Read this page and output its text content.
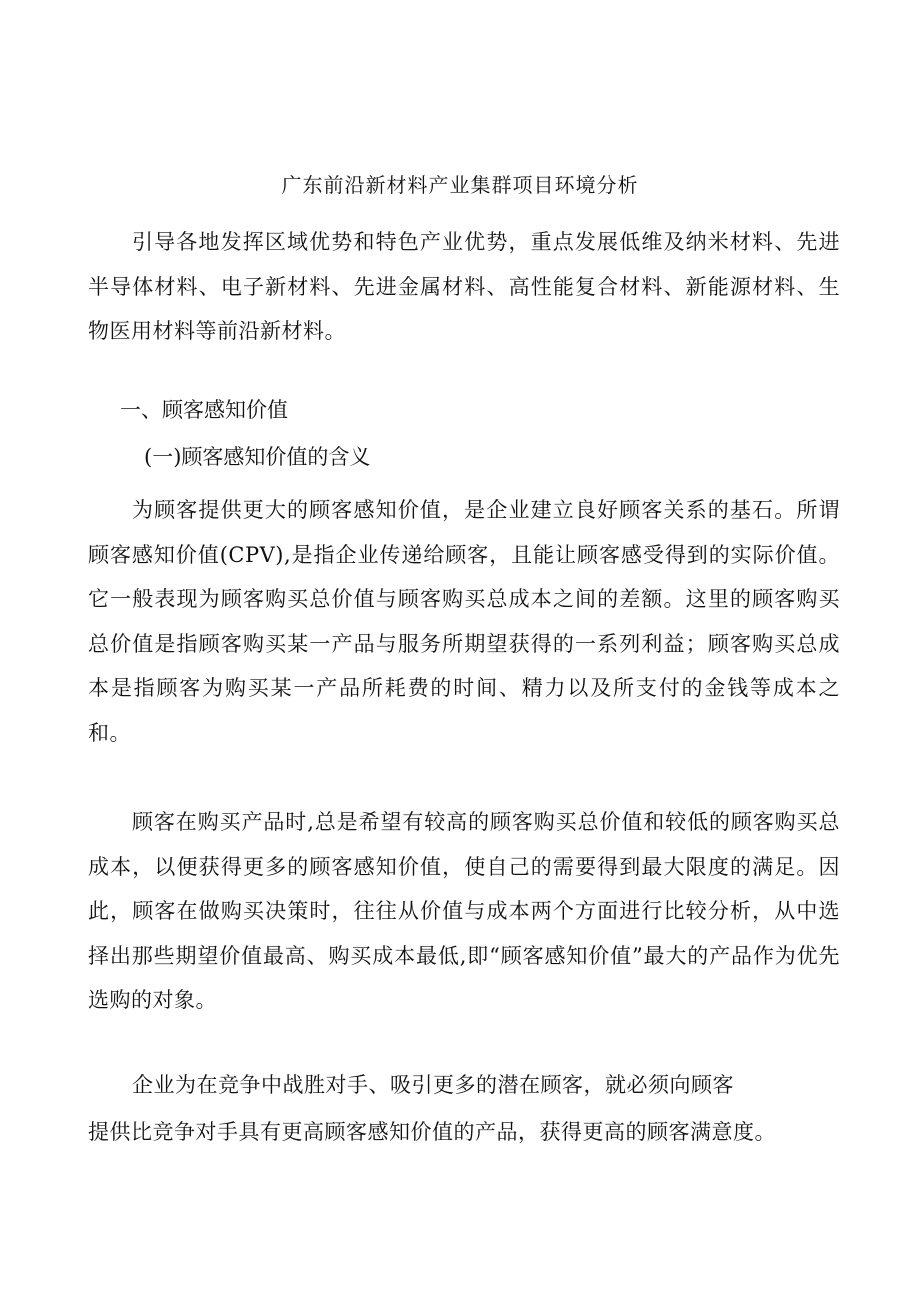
广东前沿新材料产业集群项目环境分析

引导各地发挥区域优势和特色产业优势，重点发展低维及纳米材料、先进半导体材料、电子新材料、先进金属材料、高性能复合材料、新能源材料、生物医用材料等前沿新材料。

一、顾客感知价值

(一)顾客感知价值的含义

为顾客提供更大的顾客感知价值，是企业建立良好顾客关系的基石。所谓顾客感知价值(CPV),是指企业传递给顾客，且能让顾客感受得到的实际价值。它一般表现为顾客购买总价值与顾客购买总成本之间的差额。这里的顾客购买总价值是指顾客购买某一产品与服务所期望获得的一系列利益；顾客购买总成本是指顾客为购买某一产品所耗费的时间、精力以及所支付的金钱等成本之和。

顾客在购买产品时,总是希望有较高的顾客购买总价值和较低的顾客购买总成本，以便获得更多的顾客感知价值，使自己的需要得到最大限度的满足。因此，顾客在做购买决策时，往往从价值与成本两个方面进行比较分析，从中选择出那些期望价值最高、购买成本最低,即“顾客感知价值”最大的产品作为优先选购的对象。

企业为在竞争中战胜对手、吸引更多的潜在顾客，就必须向顾客

提供比竞争对手具有更高顾客感知价值的产品，获得更高的顾客满意度。
